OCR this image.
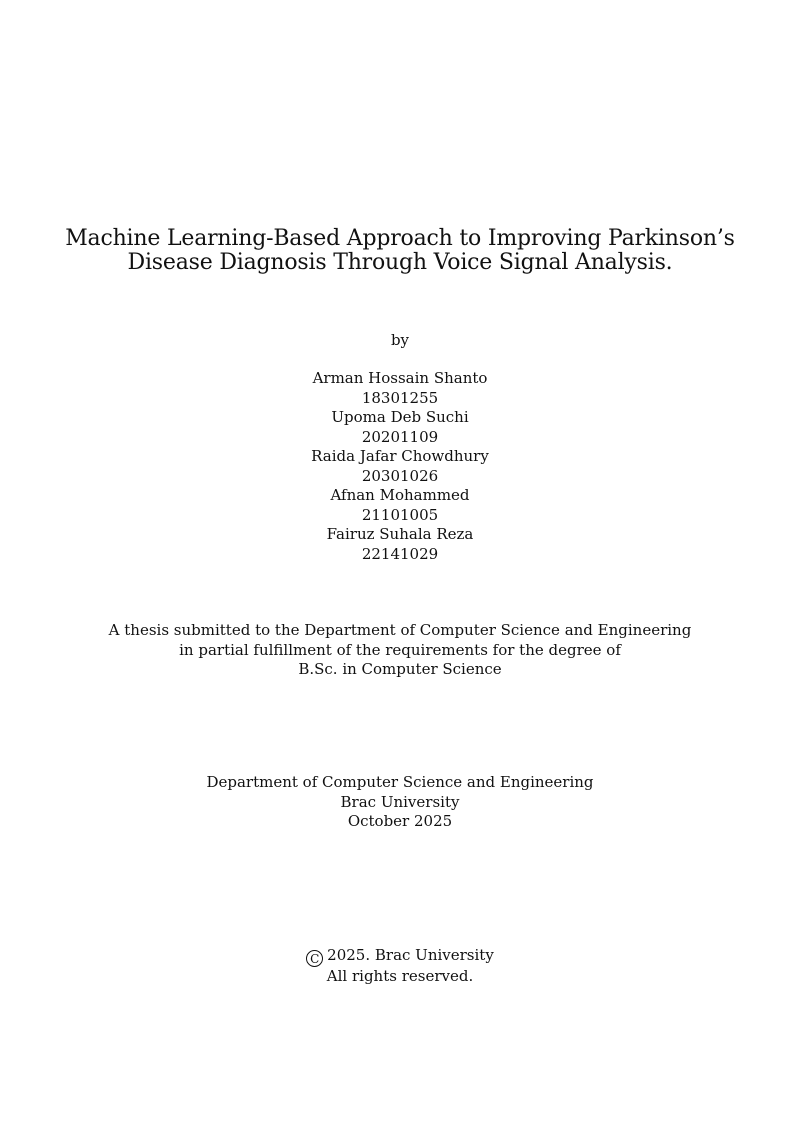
Machine Learning-Based Approach to Improving Parkinson’s
Disease Diagnosis Through Voice Signal Analysis.
by
Arman Hossain Shanto
18301255
Upoma Deb Suchi
20201109
Raida Jafar Chowdhury
20301026
Afnan Mohammed
21101005
Fairuz Suhala Reza
22141029
A thesis submitted to the Department of Computer Science and Engineering
in partial fulfillment of the requirements for the degree of
B.Sc. in Computer Science
Department of Computer Science and Engineering
Brac University
October 2025
C 2025. Brac University
All rights reserved.
